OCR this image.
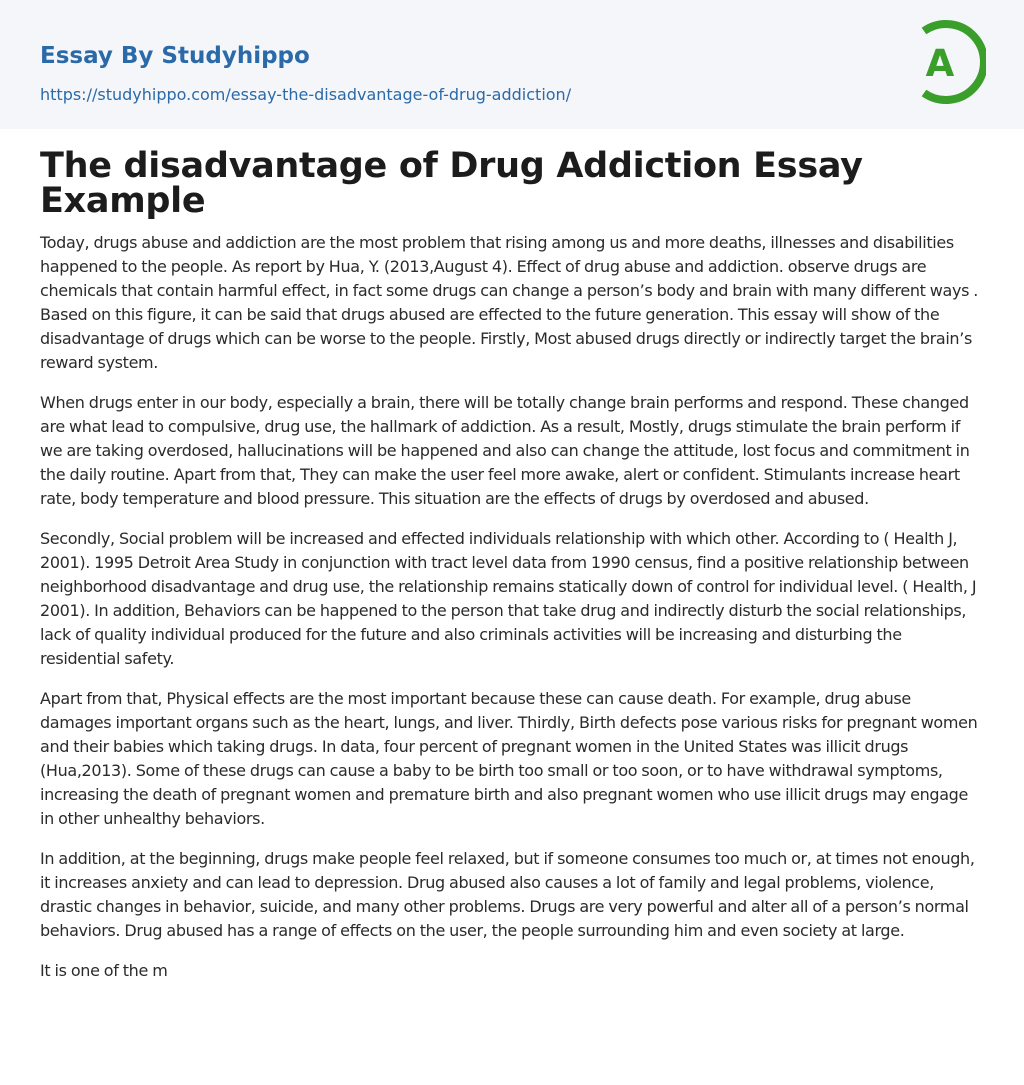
Essay By Studyhippo
https://studyhippo.com/essay-the-disadvantage-of-drug-addiction/
A
The disadvantage of Drug Addiction Essay Example

Today, drugs abuse and addiction are the most problem that rising among us and more deaths, illnesses and disabilities happened to the people. As report by Hua, Y. (2013,August 4). Effect of drug abuse and addiction. observe drugs are chemicals that contain harmful effect, in fact some drugs can change a person’s body and brain with many different ways . Based on this figure, it can be said that drugs abused are effected to the future generation. This essay will show of the disadvantage of drugs which can be worse to the people. Firstly, Most abused drugs directly or indirectly target the brain’s reward system.

When drugs enter in our body, especially a brain, there will be totally change brain performs and respond. These changed are what lead to compulsive, drug use, the hallmark of addiction. As a result, Mostly, drugs stimulate the brain perform if we are taking overdosed, hallucinations will be happened and also can change the attitude, lost focus and commitment in the daily routine. Apart from that, They can make the user feel more awake, alert or confident. Stimulants increase heart rate, body temperature and blood pressure. This situation are the effects of drugs by overdosed and abused.

Secondly, Social problem will be increased and effected individuals relationship with which other. According to ( Health J, 2001). 1995 Detroit Area Study in conjunction with tract level data from 1990 census, find a positive relationship between neighborhood disadvantage and drug use, the relationship remains statically down of control for individual level. ( Health, J 2001). In addition, Behaviors can be happened to the person that take drug and indirectly disturb the social relationships, lack of quality individual produced for the future and also criminals activities will be increasing and disturbing the residential safety.

Apart from that, Physical effects are the most important because these can cause death. For example, drug abuse damages important organs such as the heart, lungs, and liver. Thirdly, Birth defects pose various risks for pregnant women and their babies which taking drugs. In data, four percent of pregnant women in the United States was illicit drugs (Hua,2013). Some of these drugs can cause a baby to be birth too small or too soon, or to have withdrawal symptoms, increasing the death of pregnant women and premature birth and also pregnant women who use illicit drugs may engage in other unhealthy behaviors.

In addition, at the beginning, drugs make people feel relaxed, but if someone consumes too much or, at times not enough, it increases anxiety and can lead to depression. Drug abused also causes a lot of family and legal problems, violence, drastic changes in behavior, suicide, and many other problems. Drugs are very powerful and alter all of a person’s normal behaviors. Drug abused has a range of effects on the user, the people surrounding him and even society at large.

It is one of the m
